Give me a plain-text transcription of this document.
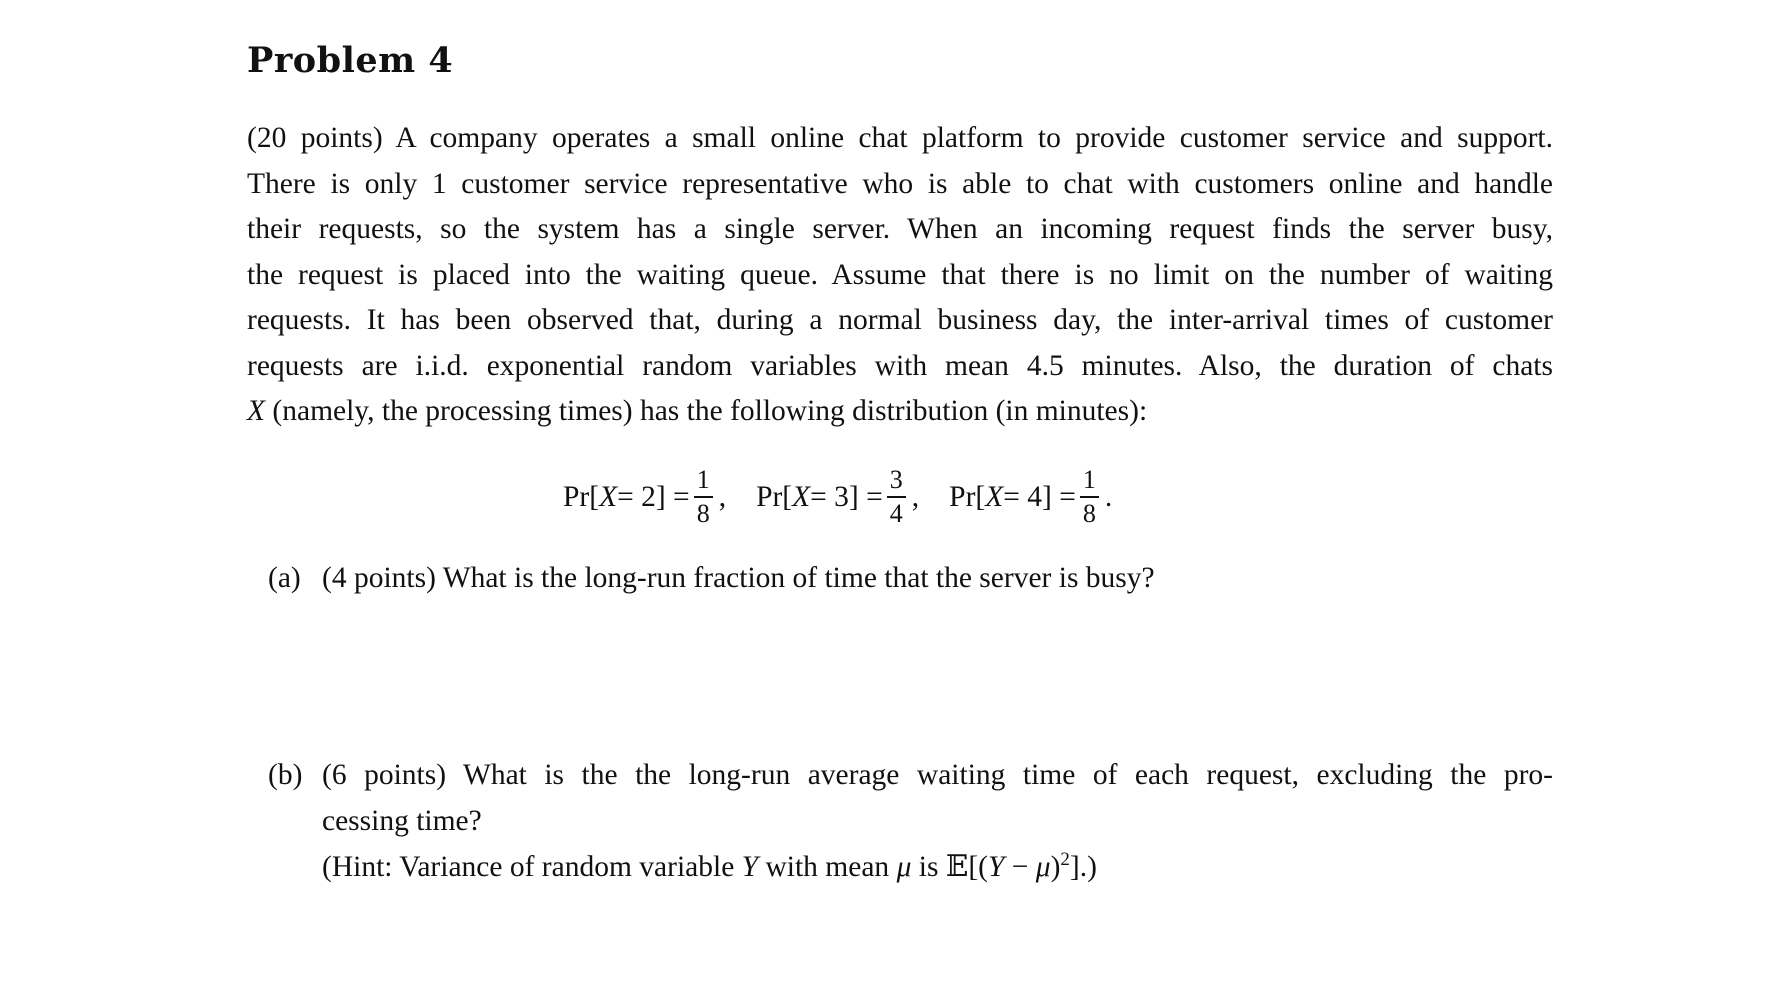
Problem 4
(20 points) A company operates a small online chat platform to provide customer service and support.
There is only 1 customer service representative who is able to chat with customers online and handle
their requests, so the system has a single server. When an incoming request finds the server busy,
the request is placed into the waiting queue. Assume that there is no limit on the number of waiting
requests. It has been observed that, during a normal business day, the inter-arrival times of customer
requests are i.i.d. exponential random variables with mean 4.5 minutes. Also, the duration of chats
X (namely, the processing times) has the following distribution (in minutes):
Pr[ $X = 2] = \frac{1}{8}$ , Pr[ $X = 3] = \frac{3}{4}$ , Pr[ $X = 4] = \frac{1}{8}$ .
(a) (4 points) What is the long-run fraction of time that the server is busy?
(b) (6 points) What is the the long-run average waiting time of each request, excluding the pro-
cessing time?
(Hint: Variance of random variable Y with mean μ is 𝔼[(Y − μ)$^2$].)
